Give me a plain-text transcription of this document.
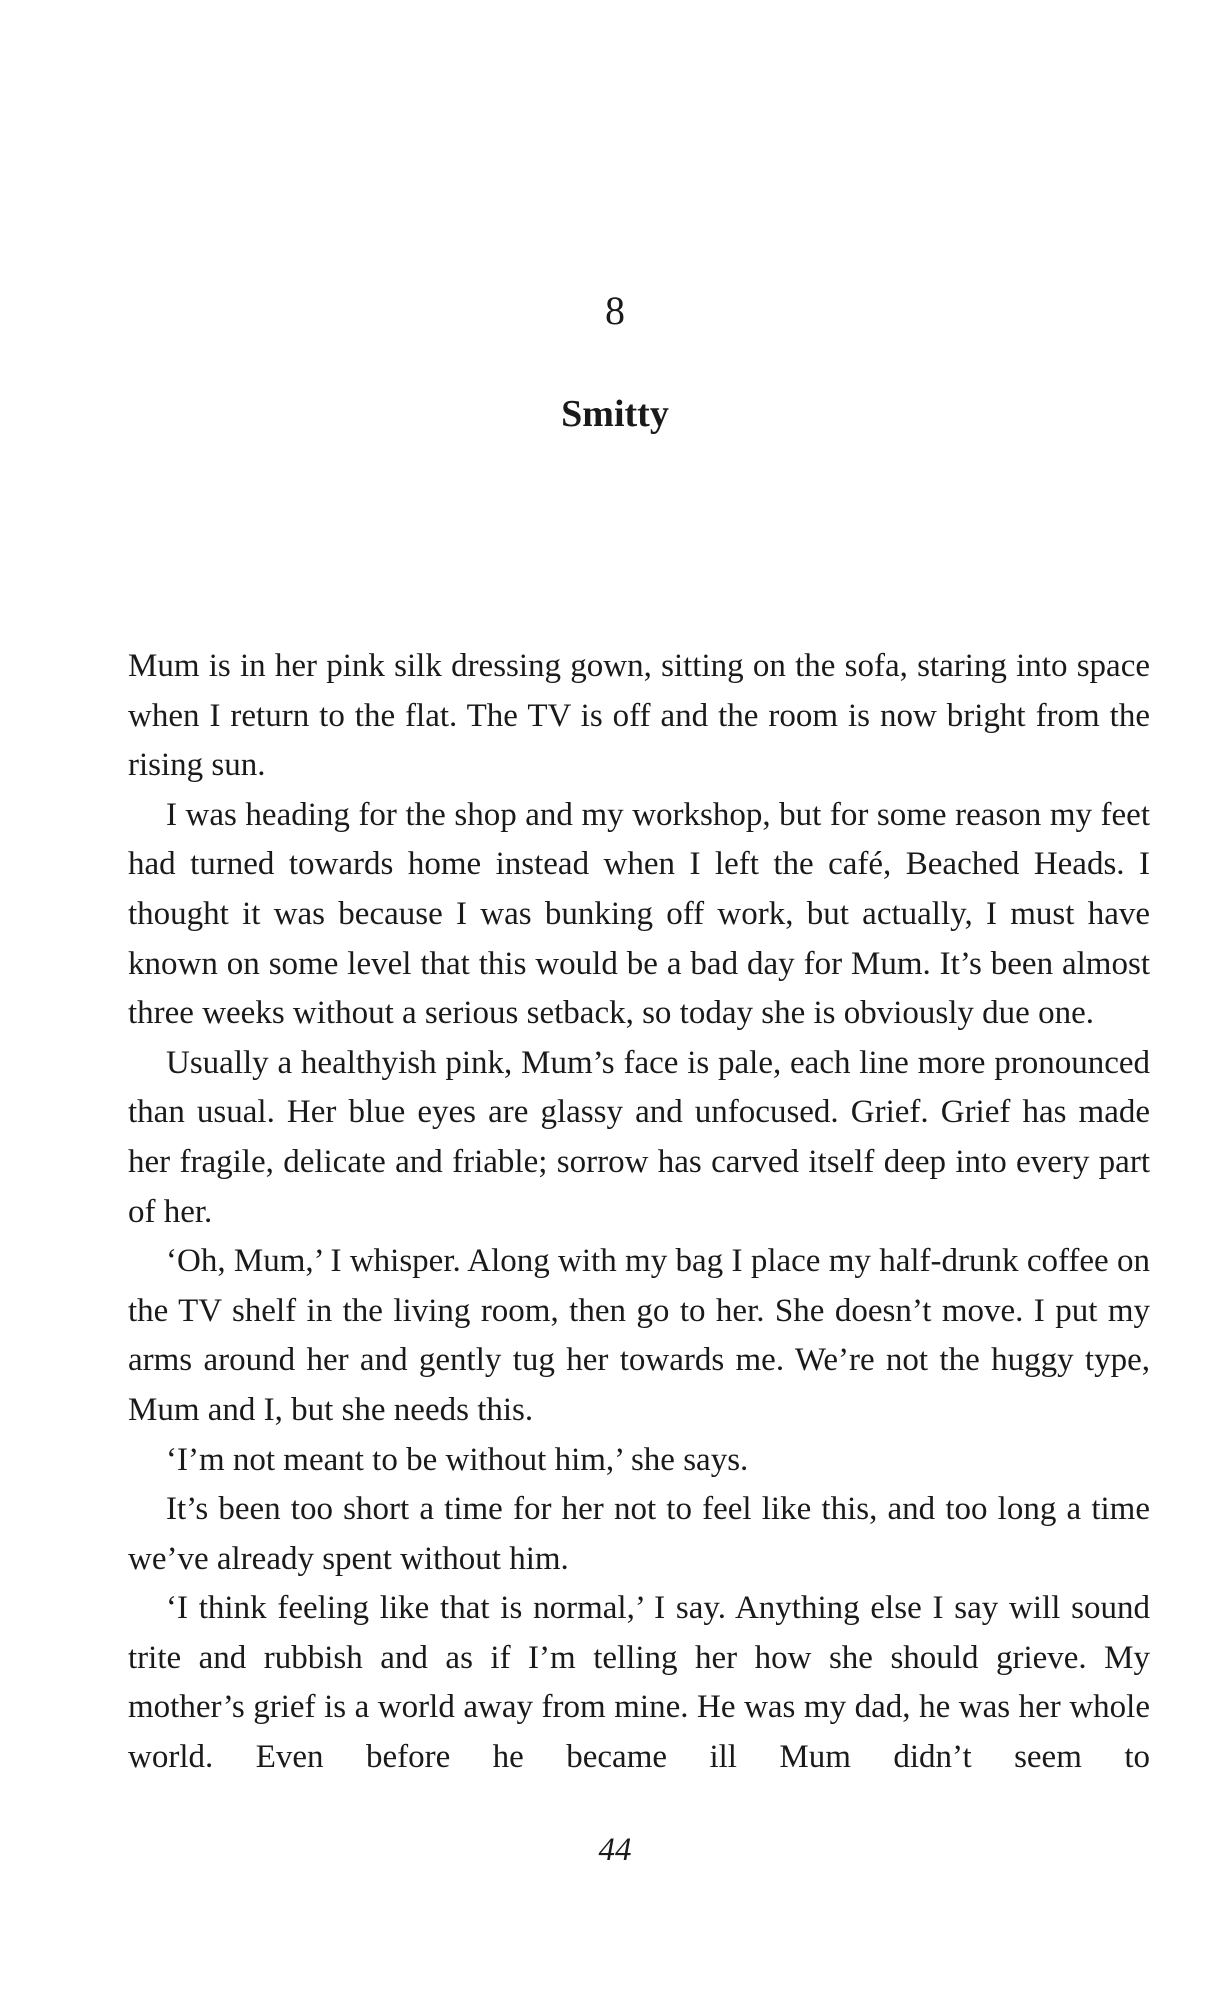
8
Smitty

Mum is in her pink silk dressing gown, sitting on the sofa, staring into space when I return to the flat. The TV is off and the room is now bright from the rising sun.

I was heading for the shop and my workshop, but for some reason my feet had turned towards home instead when I left the café, Beached Heads. I thought it was because I was bunking off work, but actually, I must have known on some level that this would be a bad day for Mum. It’s been almost three weeks without a serious setback, so today she is obviously due one.

Usually a healthyish pink, Mum’s face is pale, each line more pronounced than usual. Her blue eyes are glassy and unfocused. Grief. Grief has made her fragile, delicate and friable; sorrow has carved itself deep into every part of her.

‘Oh, Mum,’ I whisper. Along with my bag I place my half-drunk coffee on the TV shelf in the living room, then go to her. She doesn’t move. I put my arms around her and gently tug her towards me. We’re not the huggy type, Mum and I, but she needs this.

‘I’m not meant to be without him,’ she says.

It’s been too short a time for her not to feel like this, and too long a time we’ve already spent without him.

‘I think feeling like that is normal,’ I say. Anything else I say will sound trite and rubbish and as if I’m telling her how she should grieve. My mother’s grief is a world away from mine. He was my dad, he was her whole world. Even before he became ill Mum didn’t seem to

44
